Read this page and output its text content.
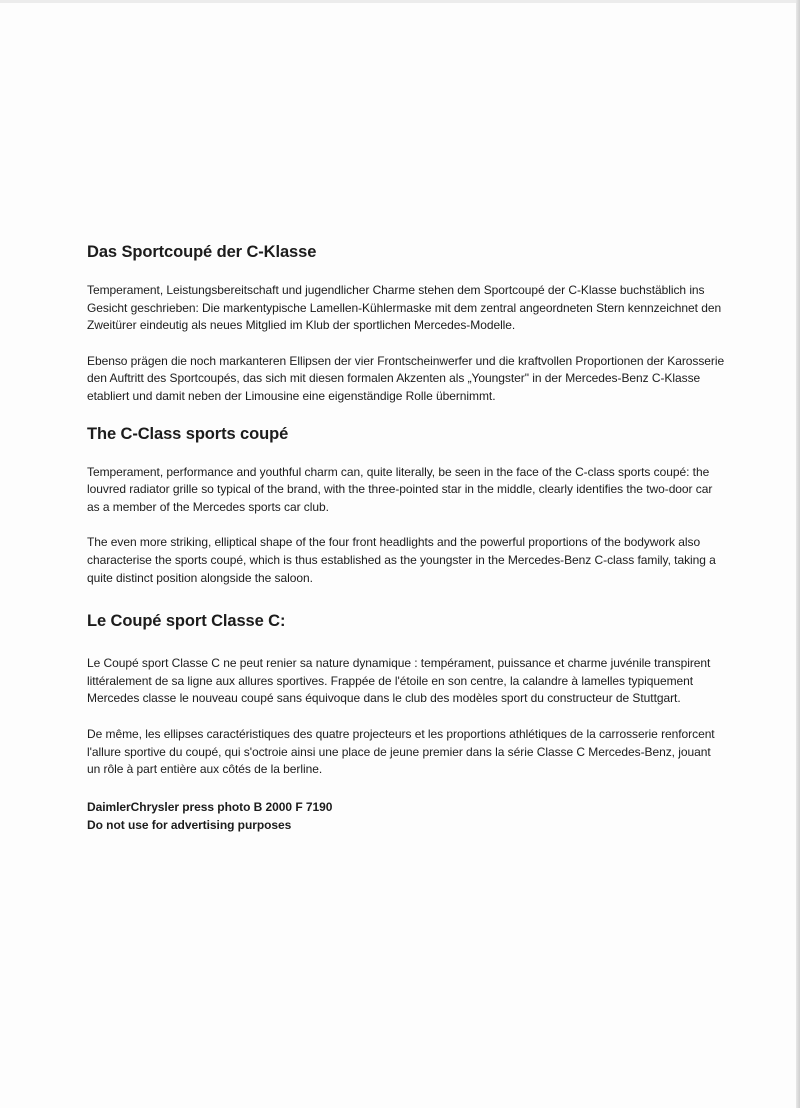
Das Sportcoupé der C-Klasse

Temperament, Leistungsbereitschaft und jugendlicher Charme stehen dem Sportcoupé der C-Klasse buchstäblich ins Gesicht geschrieben: Die markentypische Lamellen-Kühlermaske mit dem zentral angeordneten Stern kennzeichnet den Zweitürer eindeutig als neues Mitglied im Klub der sportlichen Mercedes-Modelle.

Ebenso prägen die noch markanteren Ellipsen der vier Frontscheinwerfer und die kraftvollen Proportionen der Karosserie den Auftritt des Sportcoupés, das sich mit diesen formalen Akzenten als „Youngster" in der Mercedes-Benz C-Klasse etabliert und damit neben der Limousine eine eigenständige Rolle übernimmt.

The C-Class sports coupé

Temperament, performance and youthful charm can, quite literally, be seen in the face of the C-class sports coupé: the louvred radiator grille so typical of the brand, with the three-pointed star in the middle, clearly identifies the two-door car as a member of the Mercedes sports car club.

The even more striking, elliptical shape of the four front headlights and the powerful proportions of the bodywork also characterise the sports coupé, which is thus established as the youngster in the Mercedes-Benz C-class family, taking a quite distinct position alongside the saloon.

Le Coupé sport Classe C:

Le Coupé sport Classe C ne peut renier sa nature dynamique : tempérament, puissance et charme juvénile transpirent littéralement de sa ligne aux allures sportives. Frappée de l'étoile en son centre, la calandre à lamelles typiquement Mercedes classe le nouveau coupé sans équivoque dans le club des modèles sport du constructeur de Stuttgart.

De même, les ellipses caractéristiques des quatre projecteurs et les proportions athlétiques de la carrosserie renforcent l'allure sportive du coupé, qui s'octroie ainsi une place de jeune premier dans la série Classe C Mercedes-Benz, jouant un rôle à part entière aux côtés de la berline.

DaimlerChrysler press photo B 2000 F 7190

Do not use for advertising purposes
